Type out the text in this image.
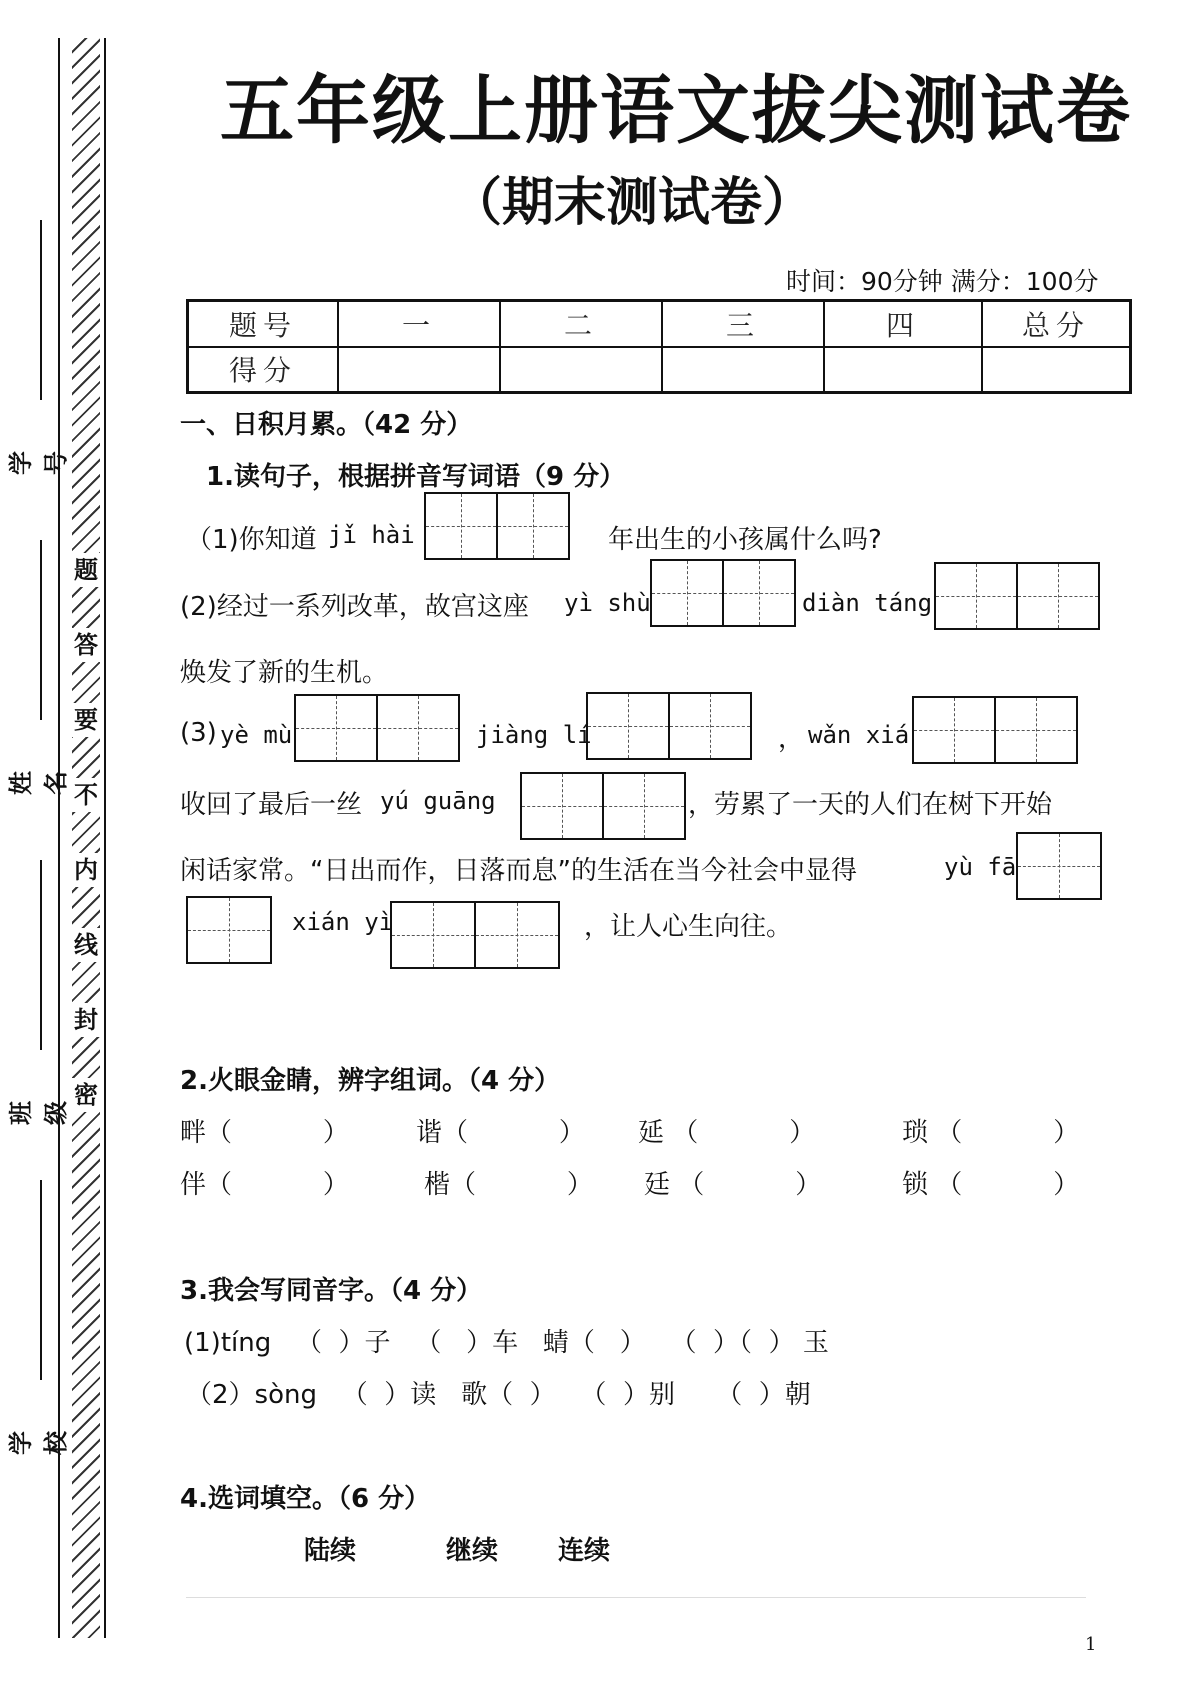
题
答
要
不
内
线
封
密
学号
姓名
班级
学校
五年级上册语文拔尖测试卷
（期末测试卷）
时间：90分钟 满分：100分
题号	一	二	三	四	总分
得分					
一、日积月累。（42 分）
1.读句子，根据拼音写词语（9 分）
（1)你知道 jǐ hài	年出生的小孩属什么吗?
(2)经过一系列改革，故宫这座 yì shù	diàn táng
焕发了新的生机。
(3) yè mù	jiàng lí	， wǎn xiá
收回了最后一丝 yú guāng	，劳累了一天的人们在树下开始
闲话家常。“日出而作，日落而息”的生活在当今社会中显得	yù fā
xián yì	，让人心生向往。
2.火眼金睛，辨字组词。（4 分）
畔（           ）	谐（           ） 延 （           ）	琐 （           ）
伴（           ）	楷（           ） 廷 （           ）	锁 （           ）
3.我会写同音字。（4 分）
(1)tíng   （  ）子   （   ）车   蜻（   ）   （  ）（  ） 玉
（2）sòng   （  ）读   歌（  ）   （  ）别     （  ）朝
4.选词填空。（6 分）
陆续	继续 连续
1
